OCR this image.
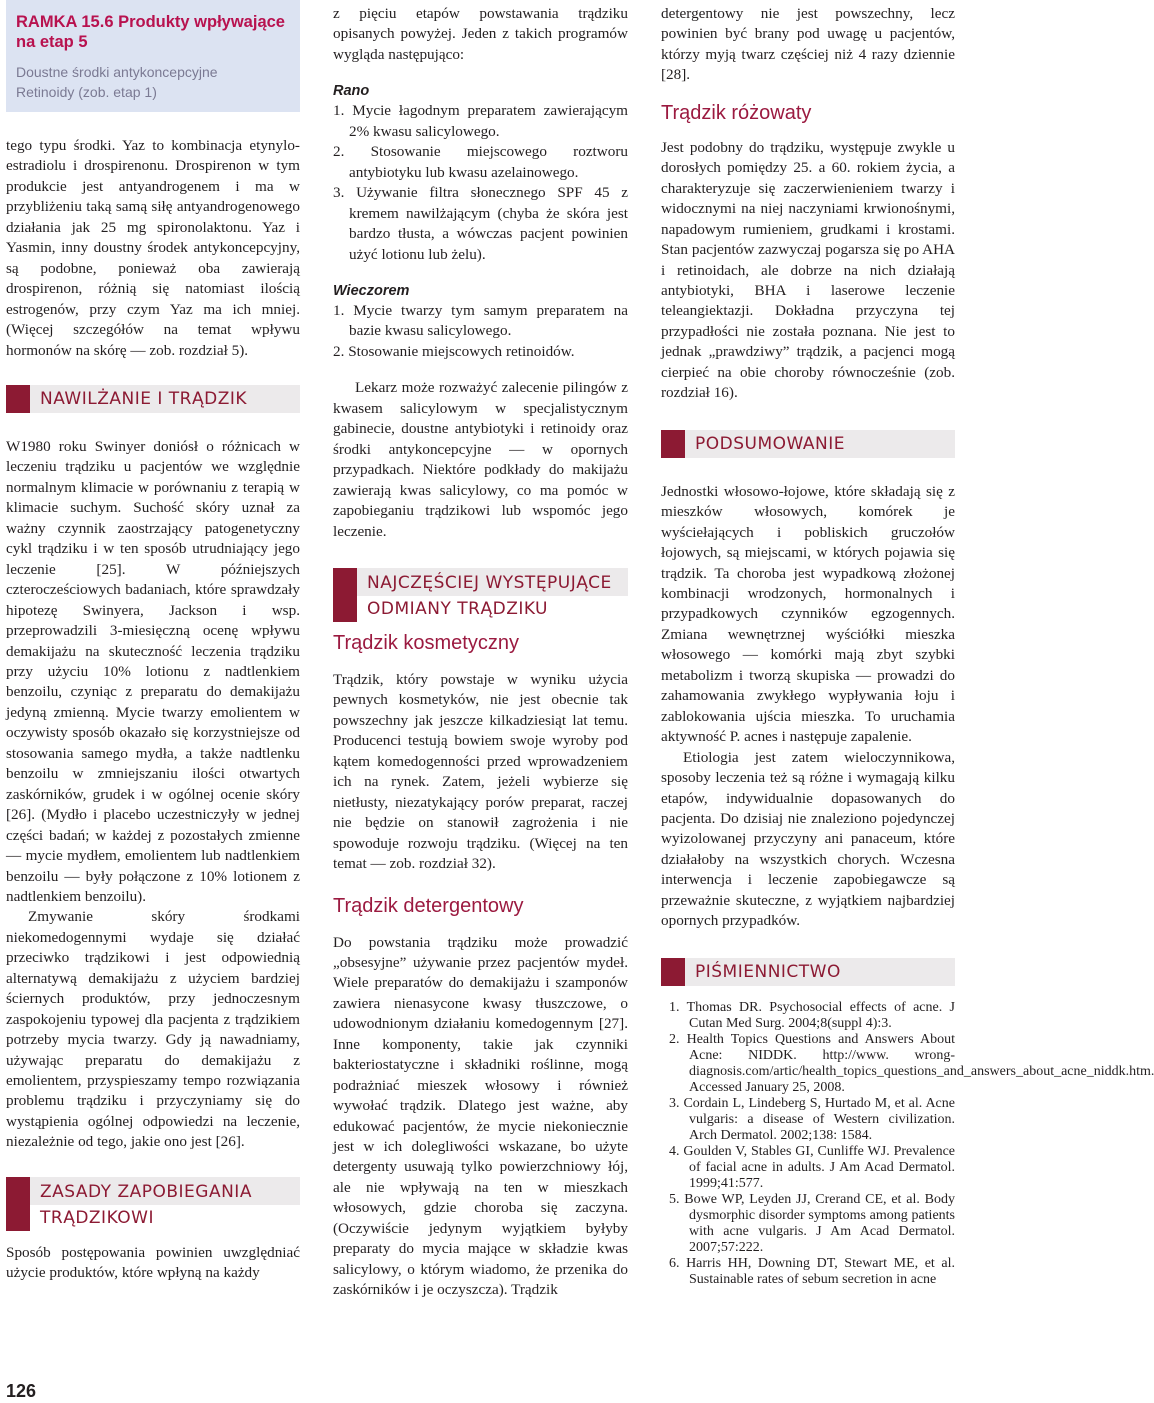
RAMKA 15.6 Produkty wpływające na etap 5

Doustne środki antykoncepcyjne

Retinoidy (zob. etap 1)

tego typu środki. Yaz to kombinacja etynylo-estradiolu i drospirenonu. Drospirenon w tym produkcie jest antyandrogenem i ma w przybliżeniu taką samą siłę antyandrogenowego działania jak 25 mg spironolaktonu. Yaz i Yasmin, inny doustny środek antykoncepcyjny, są podobne, ponieważ oba zawierają drospirenon, różnią się natomiast ilością estrogenów, przy czym Yaz ma ich mniej. (Więcej szczegółów na temat wpływu hormonów na skórę — zob. rozdział 5).

NAWILŻANIE I TRĄDZIK

W1980 roku Swinyer doniósł o różnicach w leczeniu trądziku u pacjentów we względnie normalnym klimacie w porównaniu z terapią w klimacie suchym. Suchość skóry uznał za ważny czynnik zaostrzający patogenetyczny cykl trądziku i w ten sposób utrudniający jego leczenie [25]. W późniejszych czterocześciowych badaniach, które sprawdzały hipotezę Swinyera, Jackson i wsp. przeprowadzili 3-miesięczną ocenę wpływu demakijażu na skuteczność leczenia trądziku przy użyciu 10% lotionu z nadtlenkiem benzoilu, czyniąc z preparatu do demakijażu jedyną zmienną. Mycie twarzy emolientem w oczywisty sposób okazało się korzystniejsze od stosowania samego mydła, a także nadtlenku benzoilu w zmniejszaniu ilości otwartych zaskórników, grudek i w ogólnej ocenie skóry [26]. (Mydło i placebo uczestniczyły w jednej części badań; w każdej z pozostałych zmienne — mycie mydłem, emolientem lub nadtlenkiem benzoilu — były połączone z 10% lotionem z nadtlenkiem benzoilu).

Zmywanie skóry środkami niekomedogennymi wydaje się działać przeciwko trądzikowi i jest odpowiednią alternatywą demakijażu z użyciem bardziej ściernych produktów, przy jednoczesnym zaspokojeniu typowej dla pacjenta z trądzikiem potrzeby mycia twarzy. Gdy ją nawadniamy, używając preparatu do demakijażu z emolientem, przyspieszamy tempo rozwiązania problemu trądziku i przyczyniamy się do wystąpienia ogólnej odpowiedzi na leczenie, niezależnie od tego, jakie ono jest [26].

ZASADY ZAPOBIEGANIA
TRĄDZIKOWI

Sposób postępowania powinien uwzględniać użycie produktów, które wpłyną na każdy

z pięciu etapów powstawania trądziku opisanych powyżej. Jeden z takich programów wygląda następująco:

Rano

1. Mycie łagodnym preparatem zawierającym 2% kwasu salicylowego.

2. Stosowanie miejscowego roztworu antybiotyku lub kwasu azelainowego.

3. Używanie filtra słonecznego SPF 45 z kremem nawilżającym (chyba że skóra jest bardzo tłusta, a wówczas pacjent powinien użyć lotionu lub żelu).

Wieczorem

1. Mycie twarzy tym samym preparatem na bazie kwasu salicylowego.

2. Stosowanie miejscowych retinoidów.

Lekarz może rozważyć zalecenie pilingów z kwasem salicylowym w specjalistycznym gabinecie, doustne antybiotyki i retinoidy oraz środki antykoncepcyjne — w opornych przypadkach. Niektóre podkłady do makijażu zawierają kwas salicylowy, co ma pomóc w zapobieganiu trądzikowi lub wspomóc jego leczenie.

NAJCZĘŚCIEJ WYSTĘPUJĄCE
ODMIANY TRĄDZIKU

Trądzik kosmetyczny

Trądzik, który powstaje w wyniku użycia pewnych kosmetyków, nie jest obecnie tak powszechny jak jeszcze kilkadziesiąt lat temu. Producenci testują bowiem swoje wyroby pod kątem komedogenności przed wprowadzeniem ich na rynek. Zatem, jeżeli wybierze się nietłusty, niezatykający porów preparat, raczej nie będzie on stanowił zagrożenia i nie spowoduje rozwoju trądziku. (Więcej na ten temat — zob. rozdział 32).

Trądzik detergentowy

Do powstania trądziku może prowadzić „obsesyjne” używanie przez pacjentów mydeł. Wiele preparatów do demakijażu i szamponów zawiera nienasycone kwasy tłuszczowe, o udowodnionym działaniu komedogennym [27]. Inne komponenty, takie jak czynniki bakteriostatyczne i składniki roślinne, mogą podrażniać mieszek włosowy i również wywołać trądzik. Dlatego jest ważne, aby edukować pacjentów, że mycie niekoniecznie jest w ich dolegliwości wskazane, bo użyte detergenty usuwają tylko powierzchniowy łój, ale nie wpływają na ten w mieszkach włosowych, gdzie choroba się zaczyna. (Oczywiście jedynym wyjątkiem byłyby preparaty do mycia mające w składzie kwas salicylowy, o którym wiadomo, że przenika do zaskórników i je oczyszcza). Trądzik

detergentowy nie jest powszechny, lecz powinien być brany pod uwagę u pacjentów, którzy myją twarz częściej niż 4 razy dziennie [28].

Trądzik różowaty

Jest podobny do trądziku, występuje zwykle u dorosłych pomiędzy 25. a 60. rokiem życia, a charakteryzuje się zaczerwienieniem twarzy i widocznymi na niej naczyniami krwionośnymi, napadowym rumieniem, grudkami i krostami. Stan pacjentów zazwyczaj pogarsza się po AHA i retinoidach, ale dobrze na nich działają antybiotyki, BHA i laserowe leczenie teleangiektazji. Dokładna przyczyna tej przypadłości nie została poznana. Nie jest to jednak „prawdziwy” trądzik, a pacjenci mogą cierpieć na obie choroby równocześnie (zob. rozdział 16).

PODSUMOWANIE

Jednostki włosowo-łojowe, które składają się z mieszków włosowych, komórek je wyściełających i pobliskich gruczołów łojowych, są miejscami, w których pojawia się trądzik. Ta choroba jest wypadkową złożonej kombinacji wrodzonych, hormonalnych i przypadkowych czynników egzogennych. Zmiana wewnętrznej wyściółki mieszka włosowego — komórki mają zbyt szybki metabolizm i tworzą skupiska — prowadzi do zahamowania zwykłego wypływania łoju i zablokowania ujścia mieszka. To uruchamia aktywność P. acnes i następuje zapalenie.

Etiologia jest zatem wieloczynnikowa, sposoby leczenia też są różne i wymagają kilku etapów, indywidualnie dopasowanych do pacjenta. Do dzisiaj nie znaleziono pojedynczej wyizolowanej przyczyny ani panaceum, które działałoby na wszystkich chorych. Wczesna interwencja i leczenie zapobiegawcze są przeważnie skuteczne, z wyjątkiem najbardziej opornych przypadków.

PIŚMIENNICTWO

1. Thomas DR. Psychosocial effects of acne. J Cutan Med Surg. 2004;8(suppl 4):3.

2. Health Topics Questions and Answers About Acne: NIDDK. http://www. wrong-diagnosis.com/artic/health_topics_questions_and_answers_about_acne_niddk.htm. Accessed January 25, 2008.

3. Cordain L, Lindeberg S, Hurtado M, et al. Acne vulgaris: a disease of Western civilization. Arch Dermatol. 2002;138: 1584.

4. Goulden V, Stables GI, Cunliffe WJ. Prevalence of facial acne in adults. J Am Acad Dermatol. 1999;41:577.

5. Bowe WP, Leyden JJ, Crerand CE, et al. Body dysmorphic disorder symptoms among patients with acne vulgaris. J Am Acad Dermatol. 2007;57:222.

6. Harris HH, Downing DT, Stewart ME, et al. Sustainable rates of sebum secretion in acne

126
